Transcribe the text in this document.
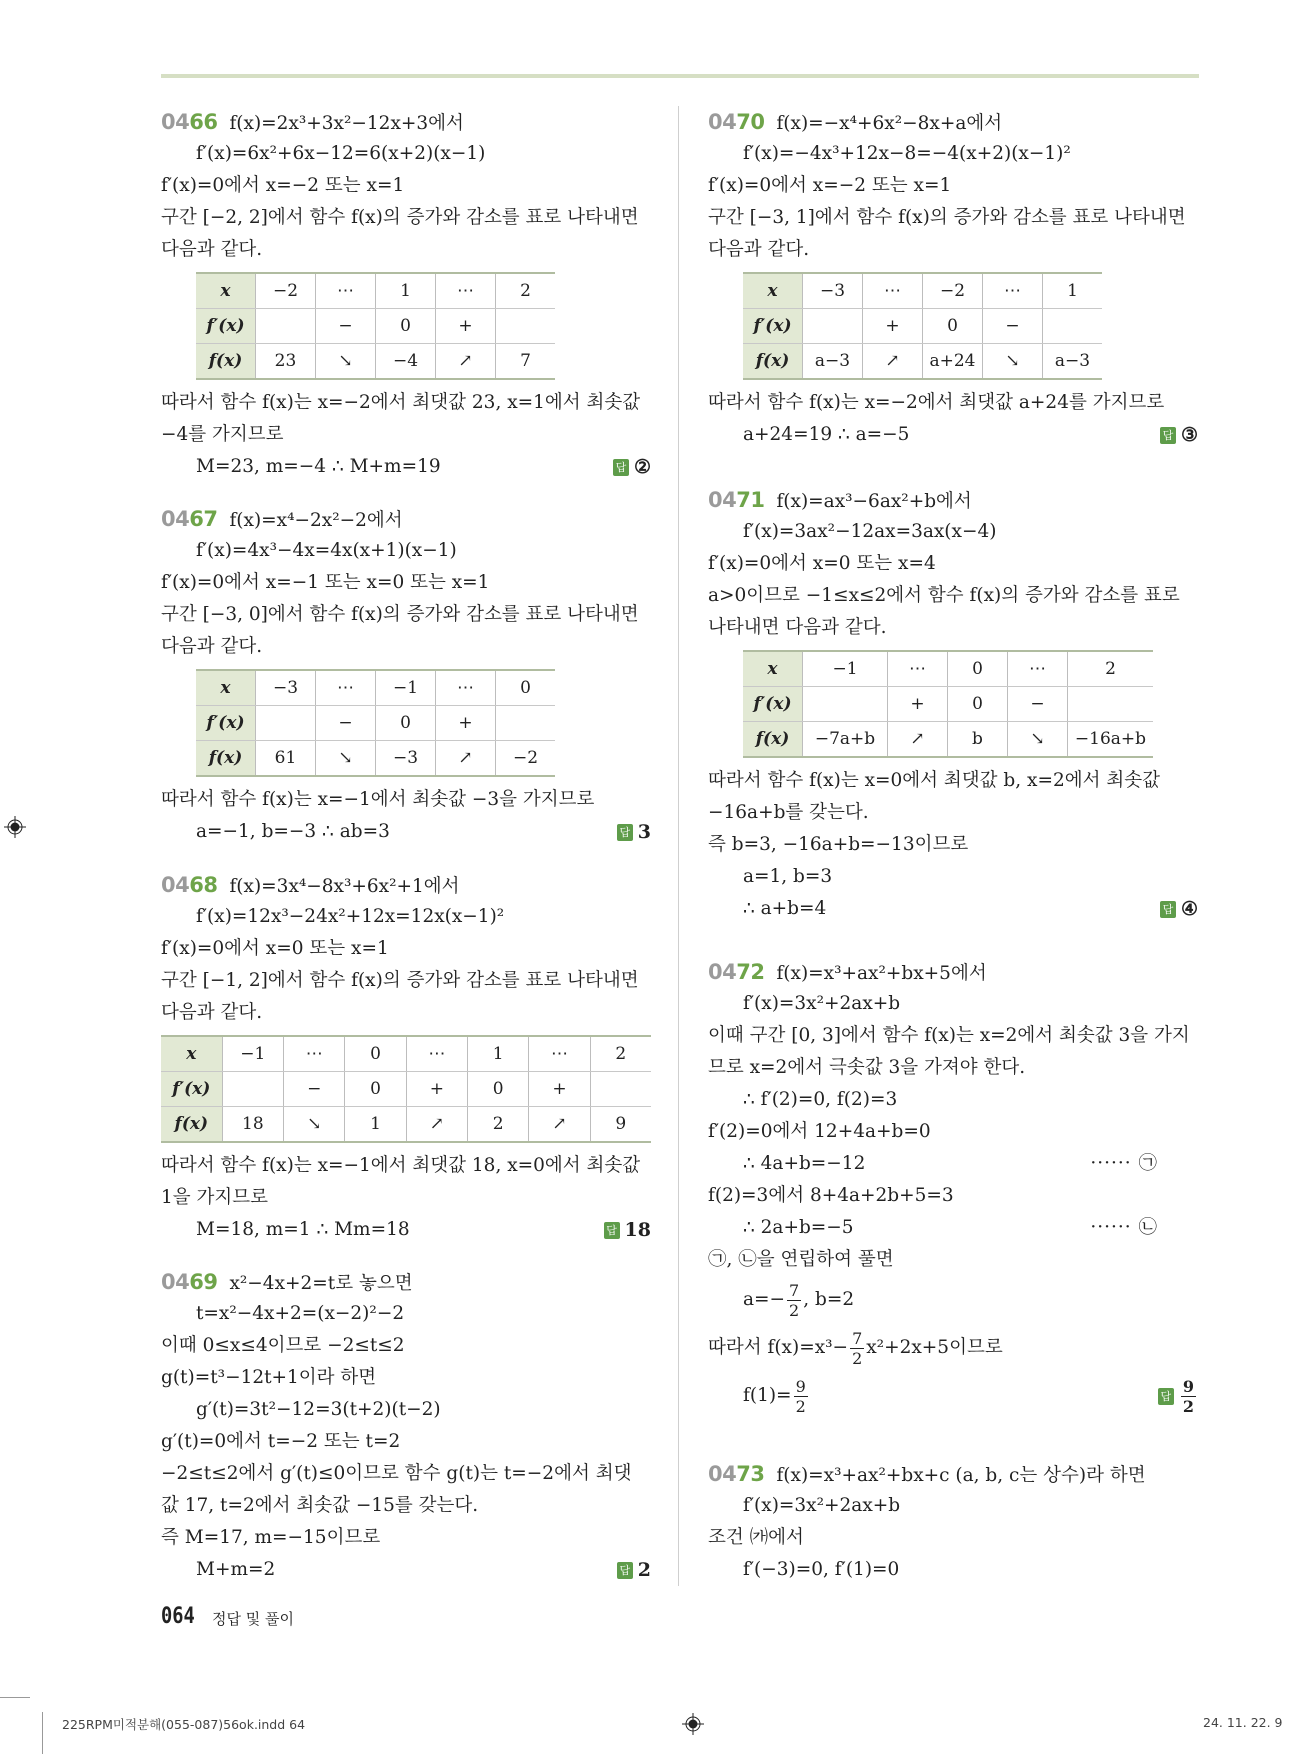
0466 f(x)=2x³+3x²−12x+3에서
f′(x)=6x²+6x−12=6(x+2)(x−1)
f′(x)=0에서 x=−2 또는 x=1
구간 [−2, 2]에서 함수 f(x)의 증가와 감소를 표로 나타내면
다음과 같다.
x	−2	⋯	1	⋯	2
f′(x)		−	0	+	
f(x)	23	↘	−4	↗	7
따라서 함수 f(x)는 x=−2에서 최댓값 23, x=1에서 최솟값
−4를 가지므로
M=23, m=−4 ∴ M+m=19	답 ②
0467 f(x)=x⁴−2x²−2에서
f′(x)=4x³−4x=4x(x+1)(x−1)
f′(x)=0에서 x=−1 또는 x=0 또는 x=1
구간 [−3, 0]에서 함수 f(x)의 증가와 감소를 표로 나타내면
다음과 같다.
x	−3	⋯	−1	⋯	0
f′(x)		−	0	+	
f(x)	61	↘	−3	↗	−2
따라서 함수 f(x)는 x=−1에서 최솟값 −3을 가지므로
a=−1, b=−3 ∴ ab=3	답 3
0468 f(x)=3x⁴−8x³+6x²+1에서
f′(x)=12x³−24x²+12x=12x(x−1)²
f′(x)=0에서 x=0 또는 x=1
구간 [−1, 2]에서 함수 f(x)의 증가와 감소를 표로 나타내면
다음과 같다.
x	−1	⋯	0	⋯	1	⋯	2
f′(x)		−	0	+	0	+	
f(x)	18	↘	1	↗	2	↗	9
따라서 함수 f(x)는 x=−1에서 최댓값 18, x=0에서 최솟값
1을 가지므로
M=18, m=1 ∴ Mm=18	답 18
0469 x²−4x+2=t로 놓으면
t=x²−4x+2=(x−2)²−2
이때 0≤x≤4이므로 −2≤t≤2
g(t)=t³−12t+1이라 하면
g′(t)=3t²−12=3(t+2)(t−2)
g′(t)=0에서 t=−2 또는 t=2
−2≤t≤2에서 g′(t)≤0이므로 함수 g(t)는 t=−2에서 최댓
값 17, t=2에서 최솟값 −15를 갖는다.
즉 M=17, m=−15이므로
M+m=2	답 2
0470 f(x)=−x⁴+6x²−8x+a에서
f′(x)=−4x³+12x−8=−4(x+2)(x−1)²
f′(x)=0에서 x=−2 또는 x=1
구간 [−3, 1]에서 함수 f(x)의 증가와 감소를 표로 나타내면
다음과 같다.
x	−3	⋯	−2	⋯	1
f′(x)		+	0	−	
f(x)	a−3	↗	a+24	↘	a−3
따라서 함수 f(x)는 x=−2에서 최댓값 a+24를 가지므로
a+24=19 ∴ a=−5	답 ③
0471 f(x)=ax³−6ax²+b에서
f′(x)=3ax²−12ax=3ax(x−4)
f′(x)=0에서 x=0 또는 x=4
a>0이므로 −1≤x≤2에서 함수 f(x)의 증가와 감소를 표로
나타내면 다음과 같다.
x	−1	⋯	0	⋯	2
f′(x)		+	0	−	
f(x)	−7a+b	↗	b	↘	−16a+b
따라서 함수 f(x)는 x=0에서 최댓값 b, x=2에서 최솟값
−16a+b를 갖는다.
즉 b=3, −16a+b=−13이므로
a=1, b=3
∴ a+b=4	답 ④
0472 f(x)=x³+ax²+bx+5에서
f′(x)=3x²+2ax+b
이때 구간 [0, 3]에서 함수 f(x)는 x=2에서 최솟값 3을 가지
므로 x=2에서 극솟값 3을 가져야 한다.
∴ f′(2)=0, f(2)=3
f′(2)=0에서 12+4a+b=0
∴ 4a+b=−12	······ ㉠
f(2)=3에서 8+4a+2b+5=3
∴ 2a+b=−5	······ ㉡
㉠, ㉡을 연립하여 풀면
$a=- \frac{7}{2}$ , b=2
따라서 $f(x)=x^3- \frac{7}{2} x^2+2x+5$이므로
$f(1)= \frac{9}{2}$	답 $\frac{9}{2}$
0473 f(x)=x³+ax²+bx+c (a, b, c는 상수)라 하면
f′(x)=3x²+2ax+b
조건 ㈎에서
f′(−3)=0, f′(1)=0
064 정답 및 풀이
225RPM미적분해(055-087)56ok.indd 64	24. 11. 22. 9
